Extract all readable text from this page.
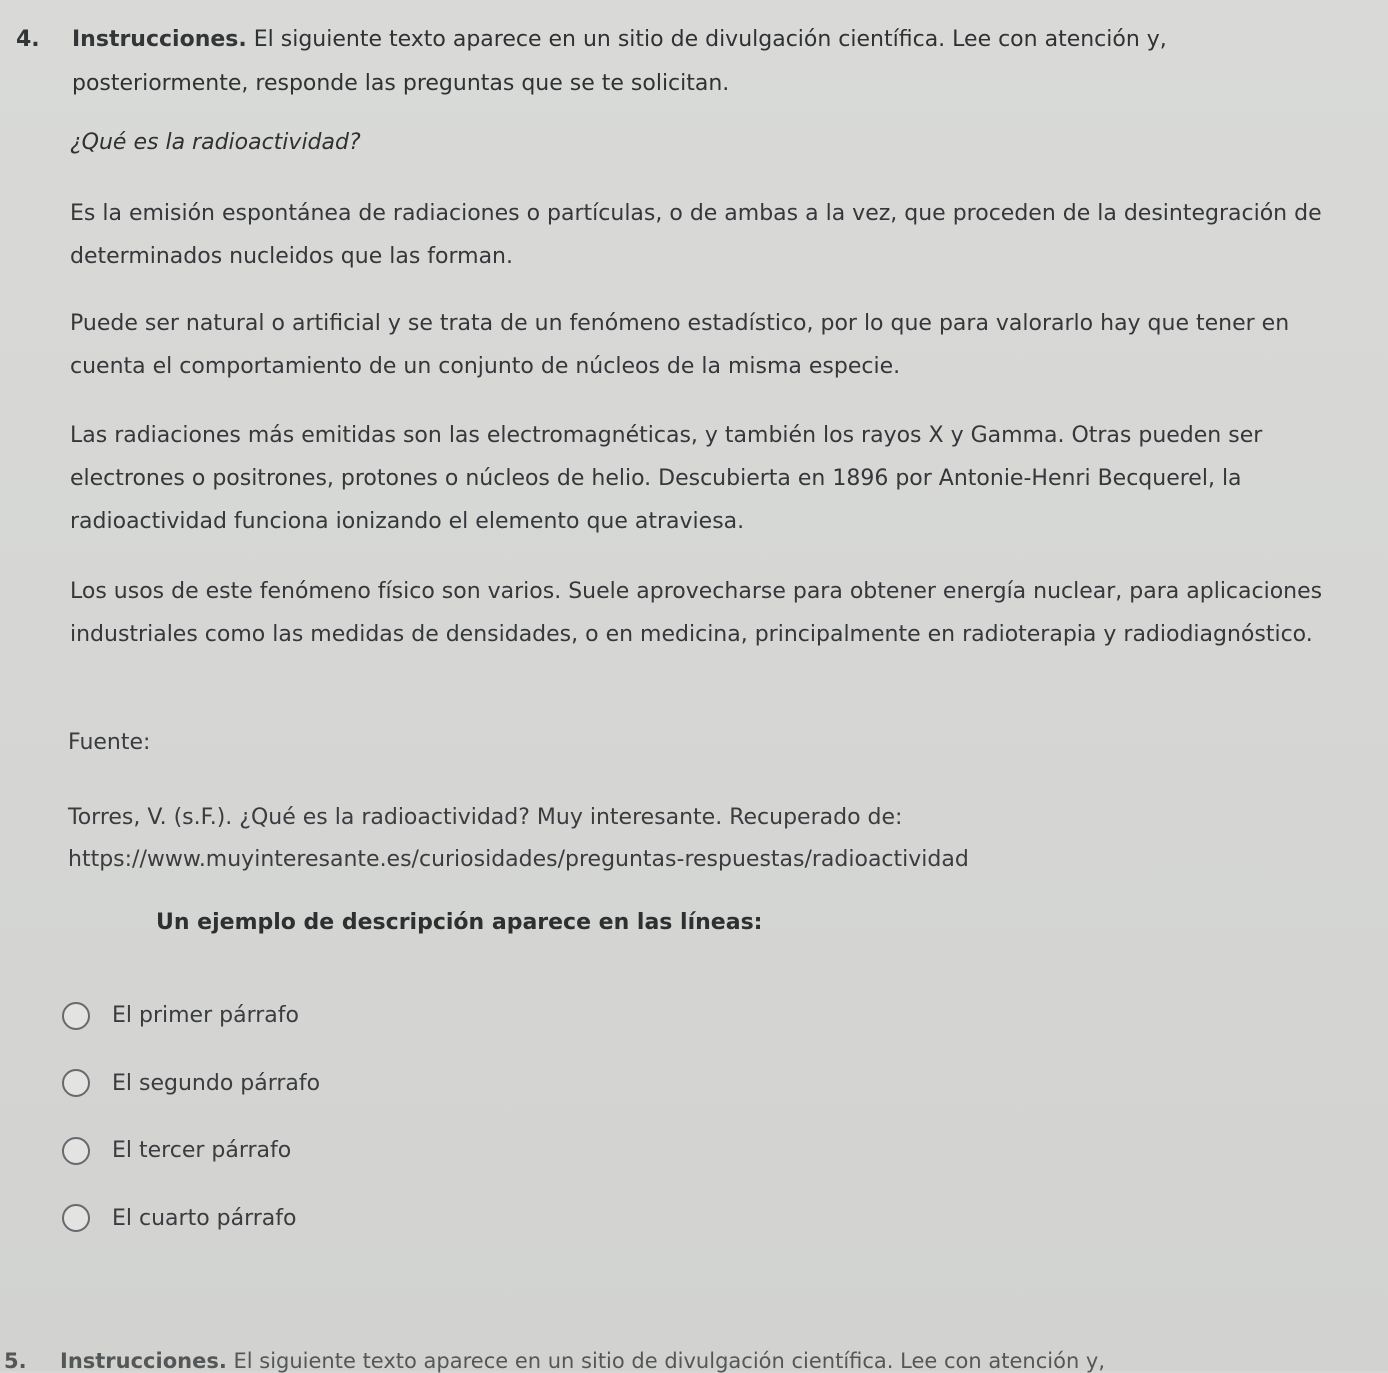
4. Instrucciones. El siguiente texto aparece en un sitio de divulgación científica. Lee con atención y,
posteriormente, responde las preguntas que se te solicitan.
¿Qué es la radioactividad?
Es la emisión espontánea de radiaciones o partículas, o de ambas a la vez, que proceden de la desintegración de determinados nucleidos que las forman.
Puede ser natural o artificial y se trata de un fenómeno estadístico, por lo que para valorarlo hay que tener en cuenta el comportamiento de un conjunto de núcleos de la misma especie.
Las radiaciones más emitidas son las electromagnéticas, y también los rayos X y Gamma. Otras pueden ser electrones o positrones, protones o núcleos de helio. Descubierta en 1896 por Antonie-Henri Becquerel, la radioactividad funciona ionizando el elemento que atraviesa.
Los usos de este fenómeno físico son varios. Suele aprovecharse para obtener energía nuclear, para aplicaciones industriales como las medidas de densidades, o en medicina, principalmente en radioterapia y radiodiagnóstico.
Fuente:
Torres, V. (s.F.). ¿Qué es la radioactividad? Muy interesante. Recuperado de:
https://www.muyinteresante.es/curiosidades/preguntas-respuestas/radioactividad
Un ejemplo de descripción aparece en las líneas:
El primer párrafo
El segundo párrafo
El tercer párrafo
El cuarto párrafo
5. Instrucciones. El siguiente texto aparece en un sitio de divulgación científica. Lee con atención y,
